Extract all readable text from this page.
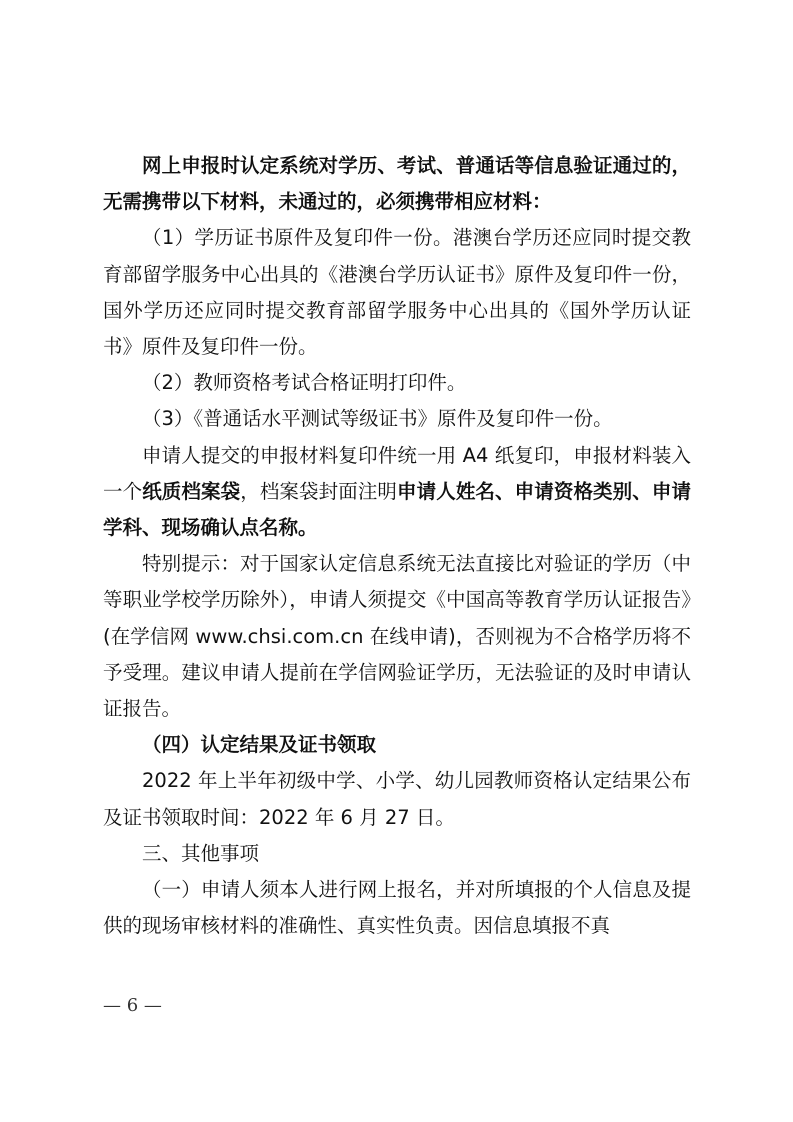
网上申报时认定系统对学历、考试、普通话等信息验证通过的，无需携带以下材料，未通过的，必须携带相应材料：

（1）学历证书原件及复印件一份。港澳台学历还应同时提交教育部留学服务中心出具的《港澳台学历认证书》原件及复印件一份，国外学历还应同时提交教育部留学服务中心出具的《国外学历认证书》原件及复印件一份。

（2）教师资格考试合格证明打印件。

（3）《普通话水平测试等级证书》原件及复印件一份。

申请人提交的申报材料复印件统一用 A4 纸复印，申报材料装入一个纸质档案袋，档案袋封面注明申请人姓名、申请资格类别、申请学科、现场确认点名称。

特别提示：对于国家认定信息系统无法直接比对验证的学历（中等职业学校学历除外），申请人须提交《中国高等教育学历认证报告》(在学信网 www.chsi.com.cn 在线申请)，否则视为不合格学历将不予受理。建议申请人提前在学信网验证学历，无法验证的及时申请认证报告。

（四）认定结果及证书领取

2022 年上半年初级中学、小学、幼儿园教师资格认定结果公布及证书领取时间：2022 年 6 月 27 日。

三、其他事项

（一）申请人须本人进行网上报名，并对所填报的个人信息及提供的现场审核材料的准确性、真实性负责。因信息填报不真

— 6 —
